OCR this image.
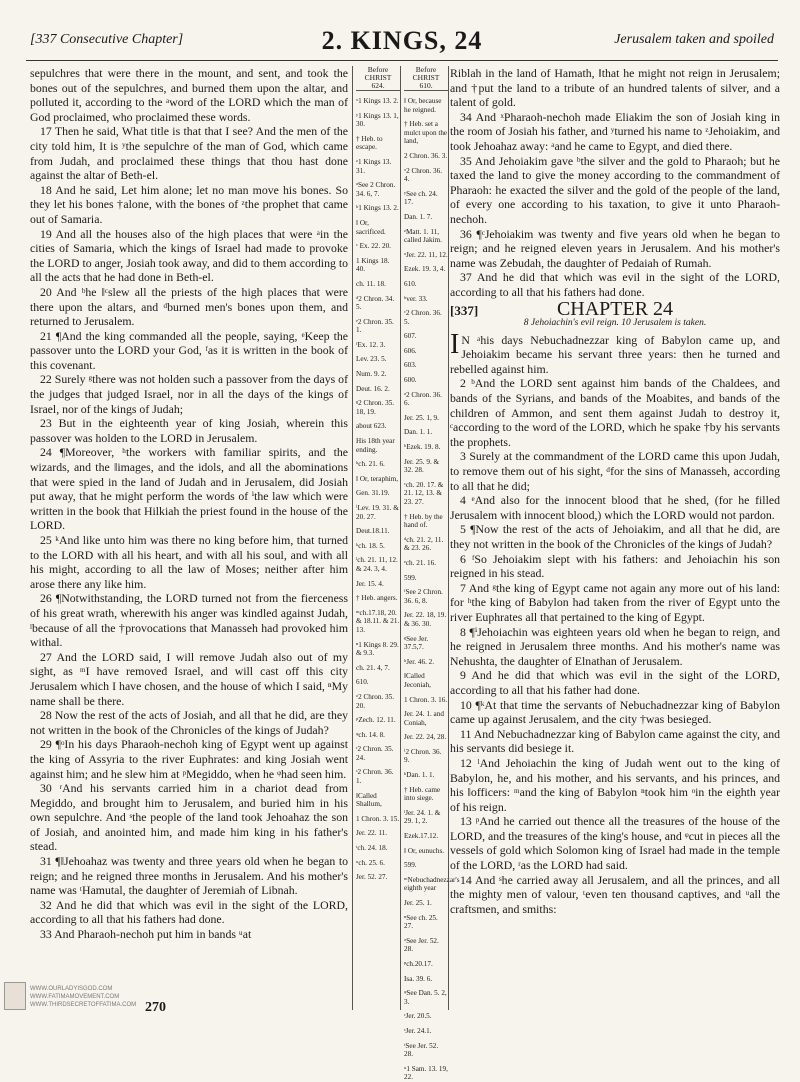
[337 Consecutive Chapter]	2. KINGS, 24	Jerusalem taken and spoiled

sepulchres that were there in the mount, and sent, and took the bones out of the sepulchres, and burned them upon the altar, and polluted it, according to the ᵃword of the LORD which the man of God proclaimed, who proclaimed these words.

17 Then he said, What title is that that I see? And the men of the city told him, It is ʸthe sepulchre of the man of God, which came from Judah, and proclaimed these things that thou hast done against the altar of Beth-el.

18 And he said, Let him alone; let no man move his bones. So they let his bones †alone, with the bones of ᶻthe prophet that came out of Samaria.

19 And all the houses also of the high places that were ᵃin the cities of Samaria, which the kings of Israel had made to provoke the LORD to anger, Josiah took away, and did to them according to all the acts that he had done in Beth-el.

20 And ᵇhe ‖ᶜslew all the priests of the high places that were there upon the altars, and ᵈburned men's bones upon them, and returned to Jerusalem.

21 ¶And the king commanded all the people, saying, ᵉKeep the passover unto the LORD your God, ᶠas it is written in the book of this covenant.

22 Surely ᵍthere was not holden such a passover from the days of the judges that judged Israel, nor in all the days of the kings of Israel, nor of the kings of Judah;

23 But in the eighteenth year of king Josiah, wherein this passover was holden to the LORD in Jerusalem.

24 ¶Moreover, ʰthe workers with familiar spirits, and the wizards, and the ‖images, and the idols, and all the abominations that were spied in the land of Judah and in Jerusalem, did Josiah put away, that he might perform the words of ⁱthe law which were written in the book that Hilkiah the priest found in the house of the LORD.

25 ᵏAnd like unto him was there no king before him, that turned to the LORD with all his heart, and with all his soul, and with all his might, according to all the law of Moses; neither after him arose there any like him.

26 ¶Notwithstanding, the LORD turned not from the fierceness of his great wrath, wherewith his anger was kindled against Judah, ˡbecause of all the †provocations that Manasseh had provoked him withal.

27 And the LORD said, I will remove Judah also out of my sight, as ᵐI have removed Israel, and will cast off this city Jerusalem which I have chosen, and the house of which I said, ⁿMy name shall be there.

28 Now the rest of the acts of Josiah, and all that he did, are they not written in the book of the Chronicles of the kings of Judah?

29 ¶ᵒIn his days Pharaoh-nechoh king of Egypt went up against the king of Assyria to the river Euphrates: and king Josiah went against him; and he slew him at ᵖMegiddo, when he ᵠhad seen him.

30 ʳAnd his servants carried him in a chariot dead from Megiddo, and brought him to Jerusalem, and buried him in his own sepulchre. And ˢthe people of the land took Jehoahaz the son of Josiah, and anointed him, and made him king in his father's stead.

31 ¶‖Jehoahaz was twenty and three years old when he began to reign; and he reigned three months in Jerusalem. And his mother's name was ᵗHamutal, the daughter of Jeremiah of Libnah.

32 And he did that which was evil in the sight of the LORD, according to all that his fathers had done.

33 And Pharaoh-nechoh put him in bands ᵘat

Before
CHRIST
624.
ˣ1 Kings 13. 2.
ʸ1 Kings 13. 1, 30.
† Heb. to escape.
ᶻ1 Kings 13. 31.
ᵃSee 2 Chron. 34. 6, 7.
ᵇ1 Kings 13. 2.
‖ Or, sacrificed.
ᶜ Ex. 22. 20.
1 Kings 18. 40.
ch. 11. 18.
ᵈ2 Chron. 34. 5.
ᵉ2 Chron. 35. 1.
ᶠEx. 12. 3.
Lev. 23. 5.
Num. 9. 2.
Deut. 16. 2.
ᵍ2 Chron. 35. 18, 19.
about 623.
His 18th year ending.
ʰch. 21. 6.
‖ Or, teraphim,
Gen. 31.19.
ⁱLev. 19. 31. & 20. 27.
Deut.18.11.
ᵏch. 18. 5.
ˡch. 21. 11, 12. & 24. 3, 4.
Jer. 15. 4.
† Heb. angers.
ᵐch.17.18, 20. & 18.11. & 21. 13.
ⁿ1 Kings 8. 29. & 9.3.
ch. 21. 4, 7.
610.
ᵒ2 Chron. 35. 20.
ᵖZech. 12. 11.
ᵠch. 14. 8.
ʳ2 Chron. 35. 24.
ˢ2 Chron. 36. 1.
‖Called Shallum,
1 Chron. 3. 15.
Jer. 22. 11.
ᵗch. 24. 18.
ᵘch. 25. 6.
Jer. 52. 27.
Before
CHRIST
610.
‖ Or, because he reigned.
† Heb. set a mulct upon the land,
2 Chron. 36. 3.
ˣ2 Chron. 36. 4.
ʸSee ch. 24. 17.
Dan. 1. 7.
ᶻMatt. 1. 11, called Jakim.
ᵃJer. 22. 11, 12.
Ezek. 19. 3, 4.
610.
ᵇver. 33.
ᶜ2 Chron. 36. 5.
607.
606.
603.
600.
ᵃ2 Chron. 36. 6.
Jer. 25. 1, 9.
Dan. 1. 1.
ᵇEzek. 19. 8.
Jer. 25. 9. & 32. 28.
ᶜch. 20. 17. & 21. 12, 13. & 23. 27.
† Heb. by the hand of.
ᵈch. 21. 2, 11. & 23. 26.
ᵉch. 21. 16.
599.
ᶠSee 2 Chron. 36. 6, 8.
Jer. 22. 18, 19. & 36. 30.
ᵍSee Jer. 37.5,7.
ʰJer. 46. 2.
‖Called Jeconiah,
1 Chron. 3. 16.
Jer. 24. 1. and Coniah,
Jer. 22. 24, 28.
ⁱ2 Chron. 36. 9.
ᵏDan. 1. 1.
† Heb. came into siege.
ˡJer. 24. 1. & 29. 1, 2.
Ezek.17.12.
‖ Or, eunuchs.
599.
ᵐNebuchadnezzar's eighth year
Jer. 25. 1.
ⁿSee ch. 25. 27.
ᵒSee Jer. 52. 28.
ᵖch.20.17.
Isa. 39. 6.
ᵠSee Dan. 5. 2, 3.
ʳJer. 20.5.
ˢJer. 24.1.
ᵗSee Jer. 52. 28.
ᵘ1 Sam. 13. 19, 22.

Riblah in the land of Hamath, ‖that he might not reign in Jerusalem; and †put the land to a tribute of an hundred talents of silver, and a talent of gold.

34 And ˣPharaoh-nechoh made Eliakim the son of Josiah king in the room of Josiah his father, and ʸturned his name to ᶻJehoiakim, and took Jehoahaz away: ᵃand he came to Egypt, and died there.

35 And Jehoiakim gave ᵇthe silver and the gold to Pharaoh; but he taxed the land to give the money according to the commandment of Pharaoh: he exacted the silver and the gold of the people of the land, of every one according to his taxation, to give it unto Pharaoh-nechoh.

36 ¶ᶜJehoiakim was twenty and five years old when he began to reign; and he reigned eleven years in Jerusalem. And his mother's name was Zebudah, the daughter of Pedaiah of Rumah.

37 And he did that which was evil in the sight of the LORD, according to all that his fathers had done.

[337]	CHAPTER 24
8 Jehoiachin's evil reign. 10 Jerusalem is taken.

IN ᵃhis days Nebuchadnezzar king of Babylon came up, and Jehoiakim became his servant three years: then he turned and rebelled against him.

2 ᵇAnd the LORD sent against him bands of the Chaldees, and bands of the Syrians, and bands of the Moabites, and bands of the children of Ammon, and sent them against Judah to destroy it, ᶜaccording to the word of the LORD, which he spake †by his servants the prophets.

3 Surely at the commandment of the LORD came this upon Judah, to remove them out of his sight, ᵈfor the sins of Manasseh, according to all that he did;

4 ᵉAnd also for the innocent blood that he shed, (for he filled Jerusalem with innocent blood,) which the LORD would not pardon.

5 ¶Now the rest of the acts of Jehoiakim, and all that he did, are they not written in the book of the Chronicles of the kings of Judah?

6 ᶠSo Jehoiakim slept with his fathers: and Jehoiachin his son reigned in his stead.

7 And ᵍthe king of Egypt came not again any more out of his land: for ʰthe king of Babylon had taken from the river of Egypt unto the river Euphrates all that pertained to the king of Egypt.

8 ¶ⁱJehoiachin was eighteen years old when he began to reign, and he reigned in Jerusalem three months. And his mother's name was Nehushta, the daughter of Elnathan of Jerusalem.

9 And he did that which was evil in the sight of the LORD, according to all that his father had done.

10 ¶ᵏAt that time the servants of Nebuchadnezzar king of Babylon came up against Jerusalem, and the city †was besieged.

11 And Nebuchadnezzar king of Babylon came against the city, and his servants did besiege it.

12 ˡAnd Jehoiachin the king of Judah went out to the king of Babylon, he, and his mother, and his servants, and his princes, and his ‖officers: ᵐand the king of Babylon ⁿtook him ᵒin the eighth year of his reign.

13 ᵖAnd he carried out thence all the treasures of the house of the LORD, and the treasures of the king's house, and ᵠcut in pieces all the vessels of gold which Solomon king of Israel had made in the temple of the LORD, ʳas the LORD had said.

14 And ˢhe carried away all Jerusalem, and all the princes, and all the mighty men of valour, ᵗeven ten thousand captives, and ᵘall the craftsmen, and smiths:

WWW.OURLADYISGOD.COM
WWW.FATIMAMOVEMENT.COM
WWW.THIRDSECRETOFFATIMA.COM 270
